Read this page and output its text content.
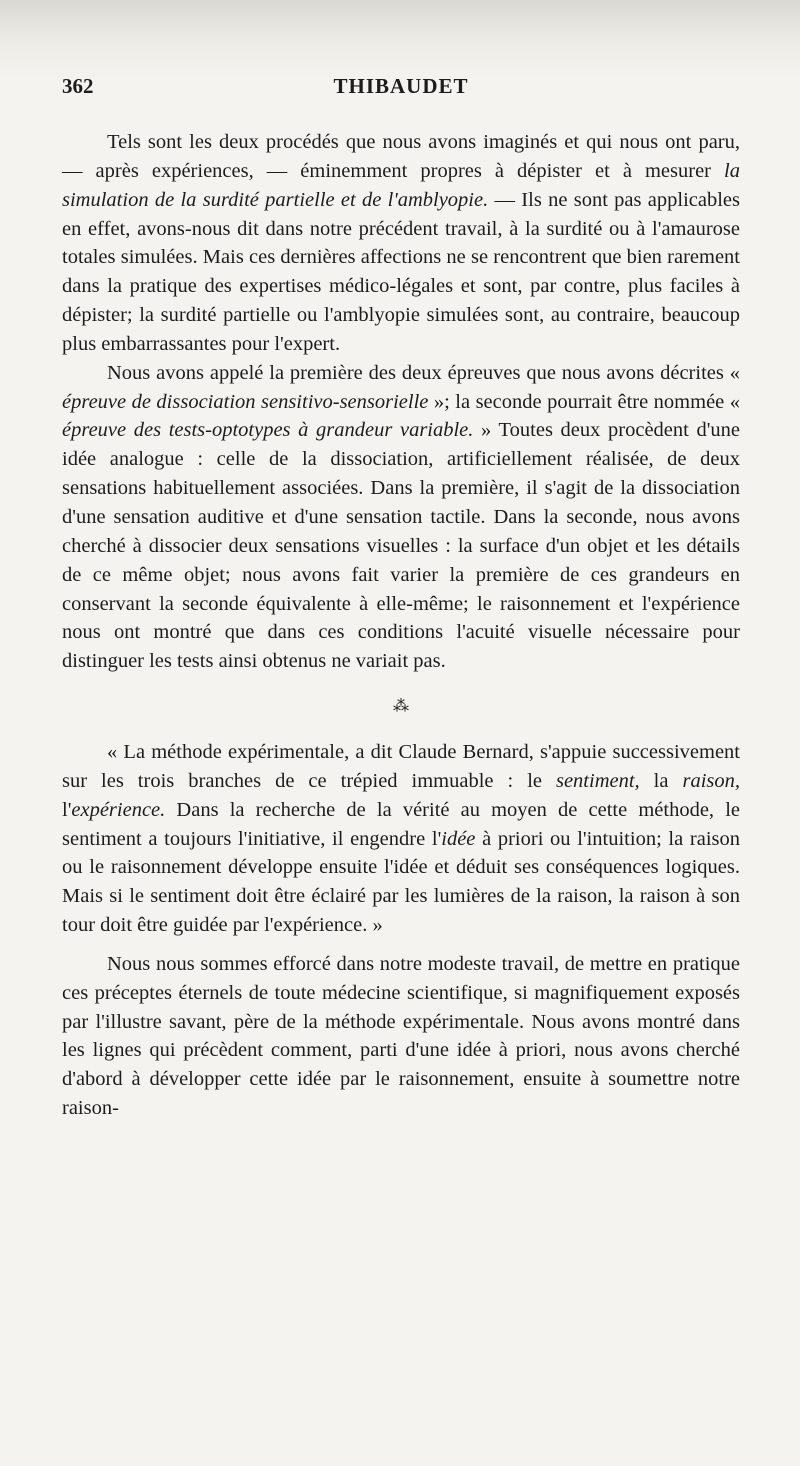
362	THIBAUDET

Tels sont les deux procédés que nous avons imaginés et qui nous ont paru, — après expériences, — éminemment propres à dépister et à mesurer la simulation de la surdité partielle et de l'amblyopie. — Ils ne sont pas applicables en effet, avons-nous dit dans notre précédent travail, à la surdité ou à l'amaurose totales simulées. Mais ces dernières affections ne se rencontrent que bien rarement dans la pratique des expertises médico-légales et sont, par contre, plus faciles à dépister; la surdité partielle ou l'amblyopie simulées sont, au contraire, beaucoup plus embarrassantes pour l'expert.

Nous avons appelé la première des deux épreuves que nous avons décrites « épreuve de dissociation sensitivo-sensorielle »; la seconde pourrait être nommée « épreuve des tests-optotypes à grandeur variable. » Toutes deux procèdent d'une idée analogue : celle de la dissociation, artificiellement réalisée, de deux sensations habituellement associées. Dans la première, il s'agit de la dissociation d'une sensation auditive et d'une sensation tactile. Dans la seconde, nous avons cherché à dissocier deux sensations visuelles : la surface d'un objet et les détails de ce même objet; nous avons fait varier la première de ces grandeurs en conservant la seconde équivalente à elle-même; le raisonnement et l'expérience nous ont montré que dans ces conditions l'acuité visuelle nécessaire pour distinguer les tests ainsi obtenus ne variait pas.

⁂

« La méthode expérimentale, a dit Claude Bernard, s'appuie successivement sur les trois branches de ce trépied immuable : le sentiment, la raison, l'expérience. Dans la recherche de la vérité au moyen de cette méthode, le sentiment a toujours l'initiative, il engendre l'idée à priori ou l'intuition; la raison ou le raisonnement développe ensuite l'idée et déduit ses conséquences logiques. Mais si le sentiment doit être éclairé par les lumières de la raison, la raison à son tour doit être guidée par l'expérience. »

Nous nous sommes efforcé dans notre modeste travail, de mettre en pratique ces préceptes éternels de toute médecine scientifique, si magnifiquement exposés par l'illustre savant, père de la méthode expérimentale. Nous avons montré dans les lignes qui précèdent comment, parti d'une idée à priori, nous avons cherché d'abord à développer cette idée par le raisonnement, ensuite à soumettre notre raison-
